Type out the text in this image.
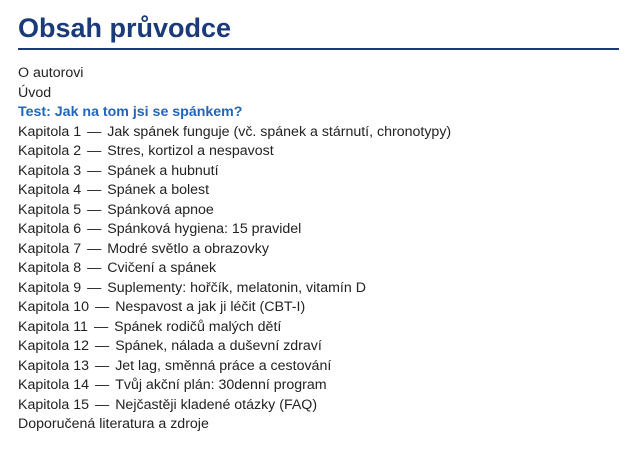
Obsah průvodce
O autorovi
Úvod
Test: Jak na tom jsi se spánkem?
Kapitola 1 — Jak spánek funguje (vč. spánek a stárnutí, chronotypy)
Kapitola 2 — Stres, kortizol a nespavost
Kapitola 3 — Spánek a hubnutí
Kapitola 4 — Spánek a bolest
Kapitola 5 — Spánková apnoe
Kapitola 6 — Spánková hygiena: 15 pravidel
Kapitola 7 — Modré světlo a obrazovky
Kapitola 8 — Cvičení a spánek
Kapitola 9 — Suplementy: hořčík, melatonin, vitamín D
Kapitola 10 — Nespavost a jak ji léčit (CBT-I)
Kapitola 11 — Spánek rodičů malých dětí
Kapitola 12 — Spánek, nálada a duševní zdraví
Kapitola 13 — Jet lag, směnná práce a cestování
Kapitola 14 — Tvůj akční plán: 30denní program
Kapitola 15 — Nejčastěji kladené otázky (FAQ)
Doporučená literatura a zdroje
